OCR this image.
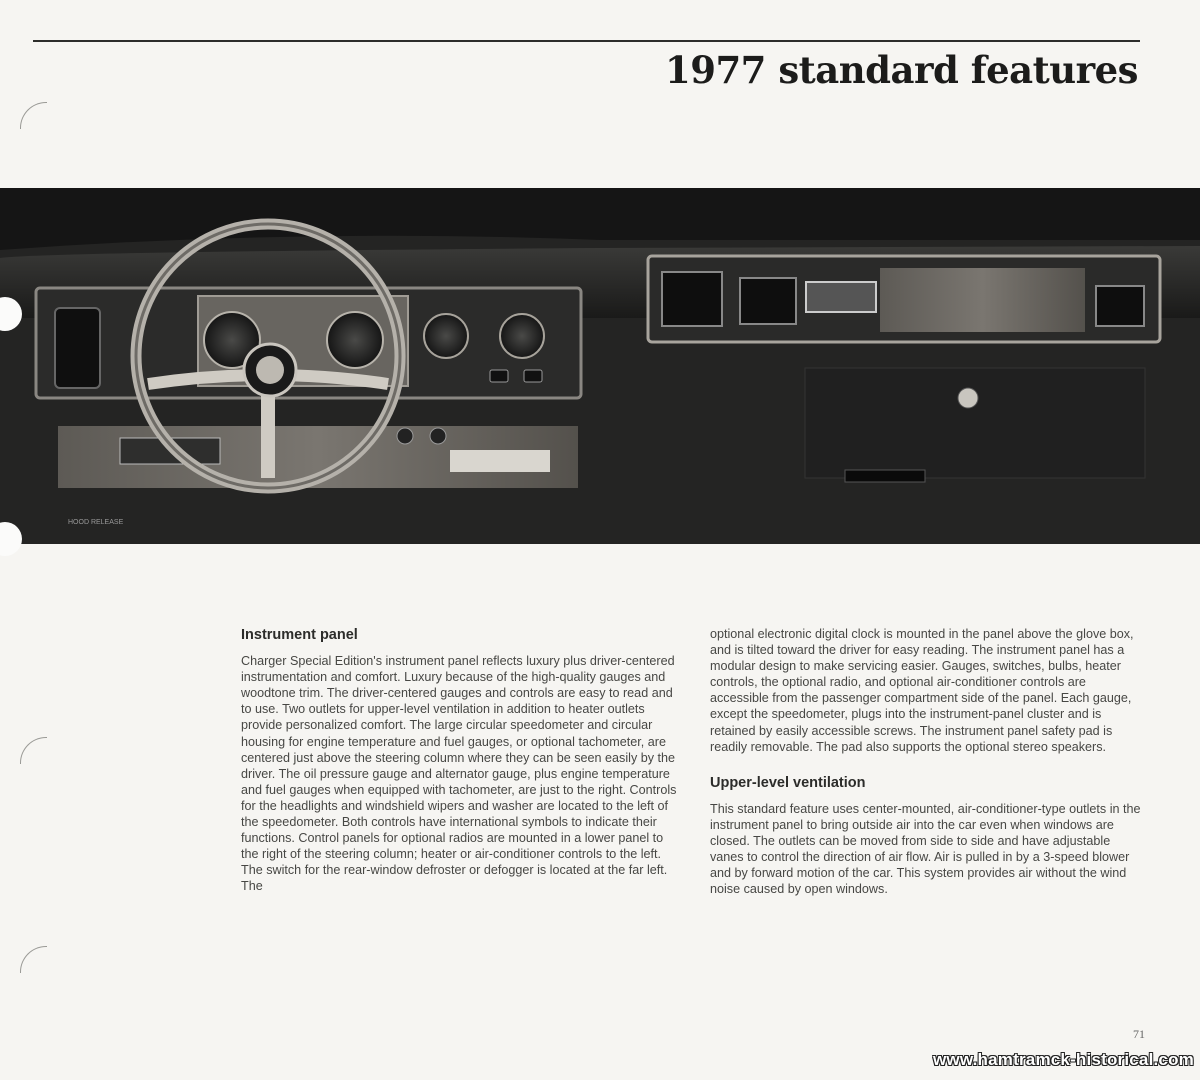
1977 standard features
HOOD RELEASE
Instrument panel

Charger Special Edition's instrument panel reflects luxury plus driver-centered instrumentation and comfort. Luxury because of the high-quality gauges and woodtone trim. The driver-centered gauges and controls are easy to read and to use. Two outlets for upper-level ventilation in addition to heater outlets provide personalized comfort. The large circular speedometer and circular housing for engine temperature and fuel gauges, or optional tachometer, are centered just above the steering column where they can be seen easily by the driver. The oil pressure gauge and alternator gauge, plus engine temperature and fuel gauges when equipped with tachometer, are just to the right. Controls for the headlights and windshield wipers and washer are located to the left of the speedometer. Both controls have international symbols to indicate their functions. Control panels for optional radios are mounted in a lower panel to the right of the steering column; heater or air-conditioner controls to the left. The switch for the rear-window defroster or defogger is located at the far left. The

optional electronic digital clock is mounted in the panel above the glove box, and is tilted toward the driver for easy reading. The instrument panel has a modular design to make servicing easier. Gauges, switches, bulbs, heater controls, the optional radio, and optional air-conditioner controls are accessible from the passenger compartment side of the panel. Each gauge, except the speedometer, plugs into the instrument-panel cluster and is retained by easily accessible screws. The instrument panel safety pad is readily removable. The pad also supports the optional stereo speakers.

Upper-level ventilation

This standard feature uses center-mounted, air-conditioner-type outlets in the instrument panel to bring outside air into the car even when windows are closed. The outlets can be moved from side to side and have adjustable vanes to control the direction of air flow. Air is pulled in by a 3-speed blower and by forward motion of the car. This system provides air without the wind noise caused by open windows.

71
www.hamtramck-historical.com
